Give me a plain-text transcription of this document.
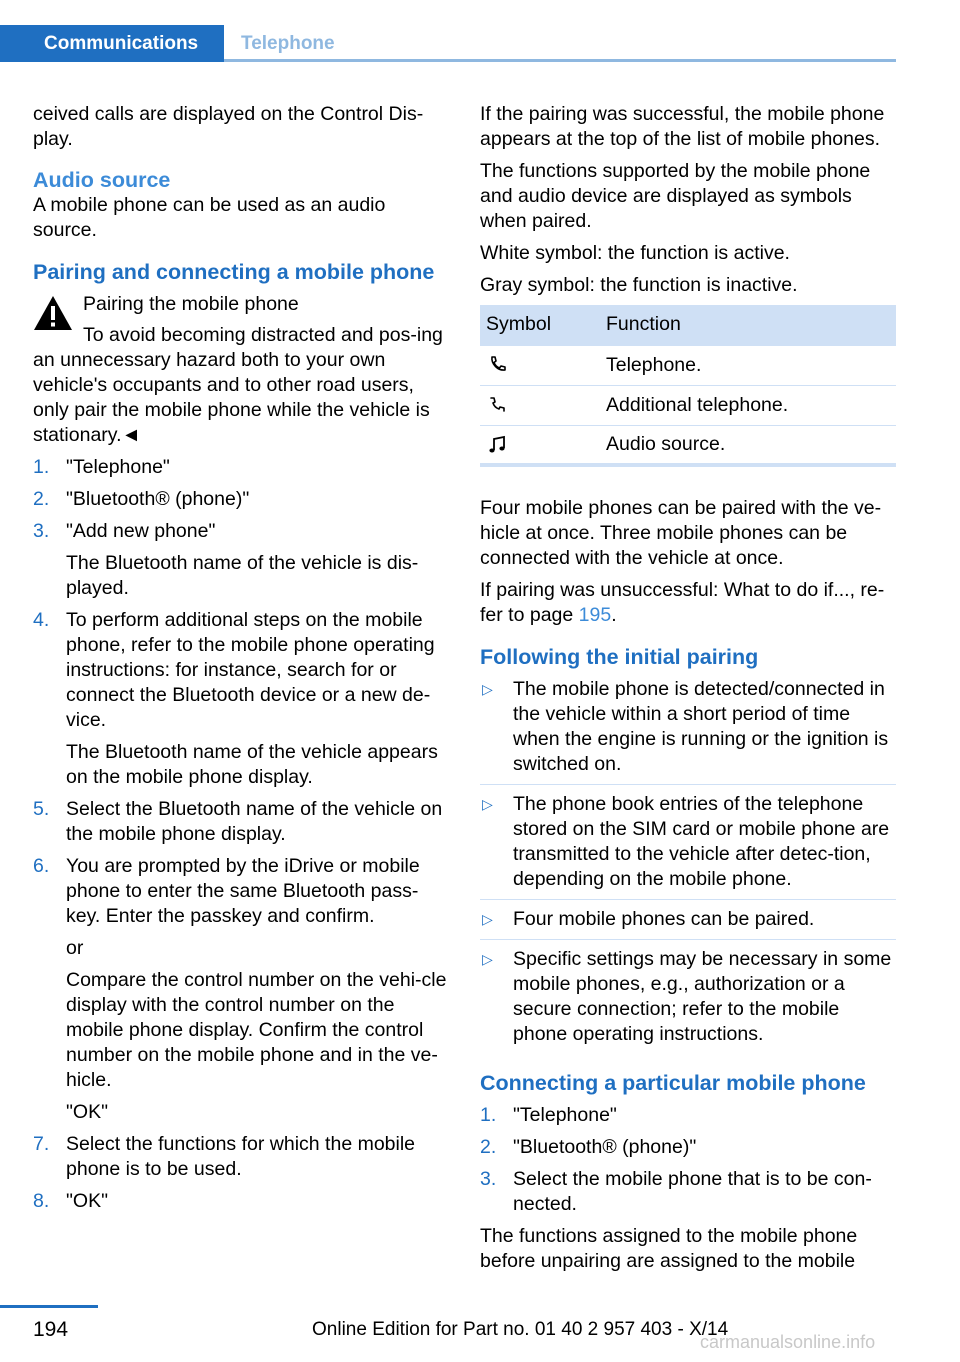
Communications	Telephone

ceived calls are displayed on the Control Dis-play.

Audio source

A mobile phone can be used as an audio source.

Pairing and connecting a mobile phone

Pairing the mobile phone

To avoid becoming distracted and pos-ing an unnecessary hazard both to your own vehicle's occupants and to other road users, only pair the mobile phone while the vehicle is stationary.◄

1. "Telephone"
2. "Bluetooth® (phone)"
3. "Add new phone"

The Bluetooth name of the vehicle is dis-played.

4. To perform additional steps on the mobile phone, refer to the mobile phone operating instructions: for instance, search for or connect the Bluetooth device or a new de-vice.

The Bluetooth name of the vehicle appears on the mobile phone display.

5. Select the Bluetooth name of the vehicle on the mobile phone display.
6. You are prompted by the iDrive or mobile phone to enter the same Bluetooth pass-key. Enter the passkey and confirm.

or

Compare the control number on the vehi-cle display with the control number on the mobile phone display. Confirm the control number on the mobile phone and in the ve-hicle.

"OK"

7. Select the functions for which the mobile phone is to be used.
8. "OK"

If the pairing was successful, the mobile phone appears at the top of the list of mobile phones.

The functions supported by the mobile phone and audio device are displayed as symbols when paired.

White symbol: the function is active.

Gray symbol: the function is inactive.

Symbol	Function
	Telephone.
	Additional telephone.
	Audio source.

Four mobile phones can be paired with the ve-hicle at once. Three mobile phones can be connected with the vehicle at once.

If pairing was unsuccessful: What to do if..., re-fer to page 195.

Following the initial pairing
▷ The mobile phone is detected/connected in the vehicle within a short period of time when the engine is running or the ignition is switched on.
▷ The phone book entries of the telephone stored on the SIM card or mobile phone are transmitted to the vehicle after detec-tion, depending on the mobile phone.
▷ Four mobile phones can be paired.
▷ Specific settings may be necessary in some mobile phones, e.g., authorization or a secure connection; refer to the mobile phone operating instructions.
Connecting a particular mobile phone
1. "Telephone"
2. "Bluetooth® (phone)"
3. Select the mobile phone that is to be con-nected.

The functions assigned to the mobile phone before unpairing are assigned to the mobile

194	Online Edition for Part no. 01 40 2 957 403 - X/14
carmanualsonline.info
